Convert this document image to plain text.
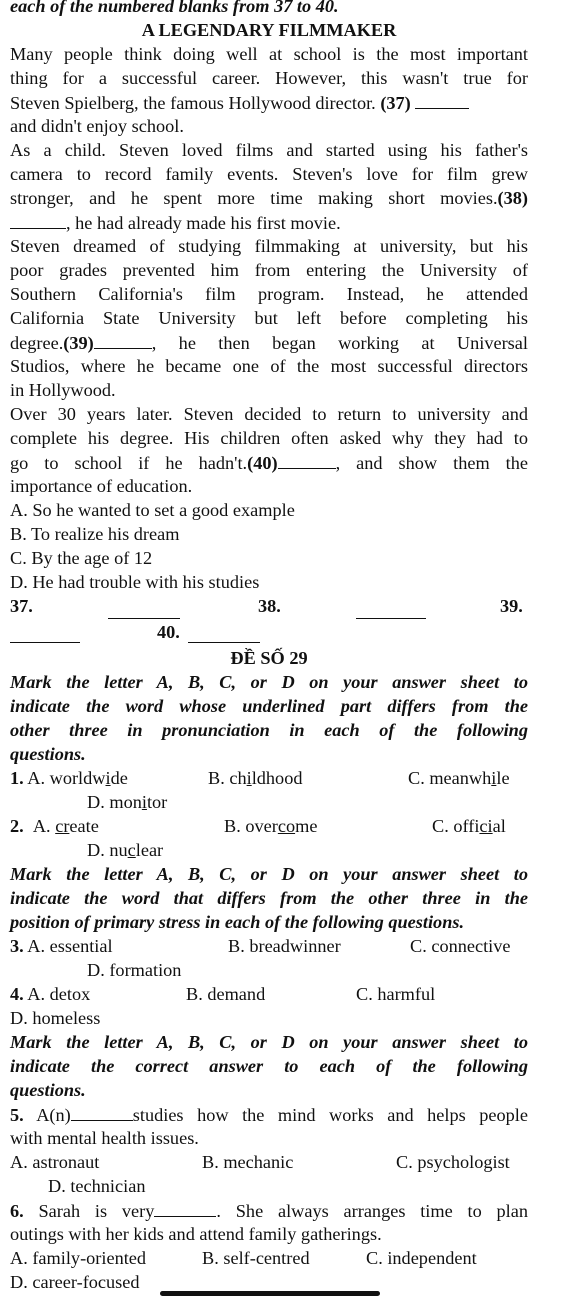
each of the numbered blanks from 37 to 40.
A LEGENDARY FILMMAKER
Many people think doing well at school is the most important
thing for a successful career. However, this wasn't true for
Steven Spielberg, the famous Hollywood director. (37)
and didn't enjoy school.
As a child. Steven loved films and started using his father's
camera to record family events. Steven's love for film grew
stronger, and he spent more time making short movies.(38)
, he had already made his first movie.
Steven dreamed of studying filmmaking at university, but his
poor grades prevented him from entering the University of
Southern California's film program. Instead, he attended
California State University but left before completing his
degree.(39)	, he then began working at Universal
Studios, where he became one of the most successful directors
in Hollywood.
Over 30 years later. Steven decided to return to university and
complete his degree. His children often asked why they had to
go to school if he hadn't.(40)	, and show them the
importance of education.
A. So he wanted to set a good example
B. To realize his dream
C. By the age of 12
D. He had trouble with his studies
37.	38.	39.
40.
ĐỀ SỐ 29
Mark the letter A, B, C, or D on your answer sheet to
indicate the word whose underlined part differs from the
other three in pronunciation in each of the following
questions.
1. A. worldwide	B. childhood	C. meanwhile
D. monitor
2. A. create	B. overcome	C. official
D. nuclear
Mark the letter A, B, C, or D on your answer sheet to
indicate the word that differs from the other three in the
position of primary stress in each of the following questions.
3. A. essential	B. breadwinner	C. connective
D. formation
4. A. detox	B. demand	C. harmful
D. homeless
Mark the letter A, B, C, or D on your answer sheet to
indicate the correct answer to each of the following
questions.
5. A(n)	studies how the mind works and helps people
with mental health issues.
A. astronaut	B. mechanic	C. psychologist
D. technician
6. Sarah is very	. She always arranges time to plan
outings with her kids and attend family gatherings.
A. family-oriented	B. self-centred	C. independent
D. career-focused
